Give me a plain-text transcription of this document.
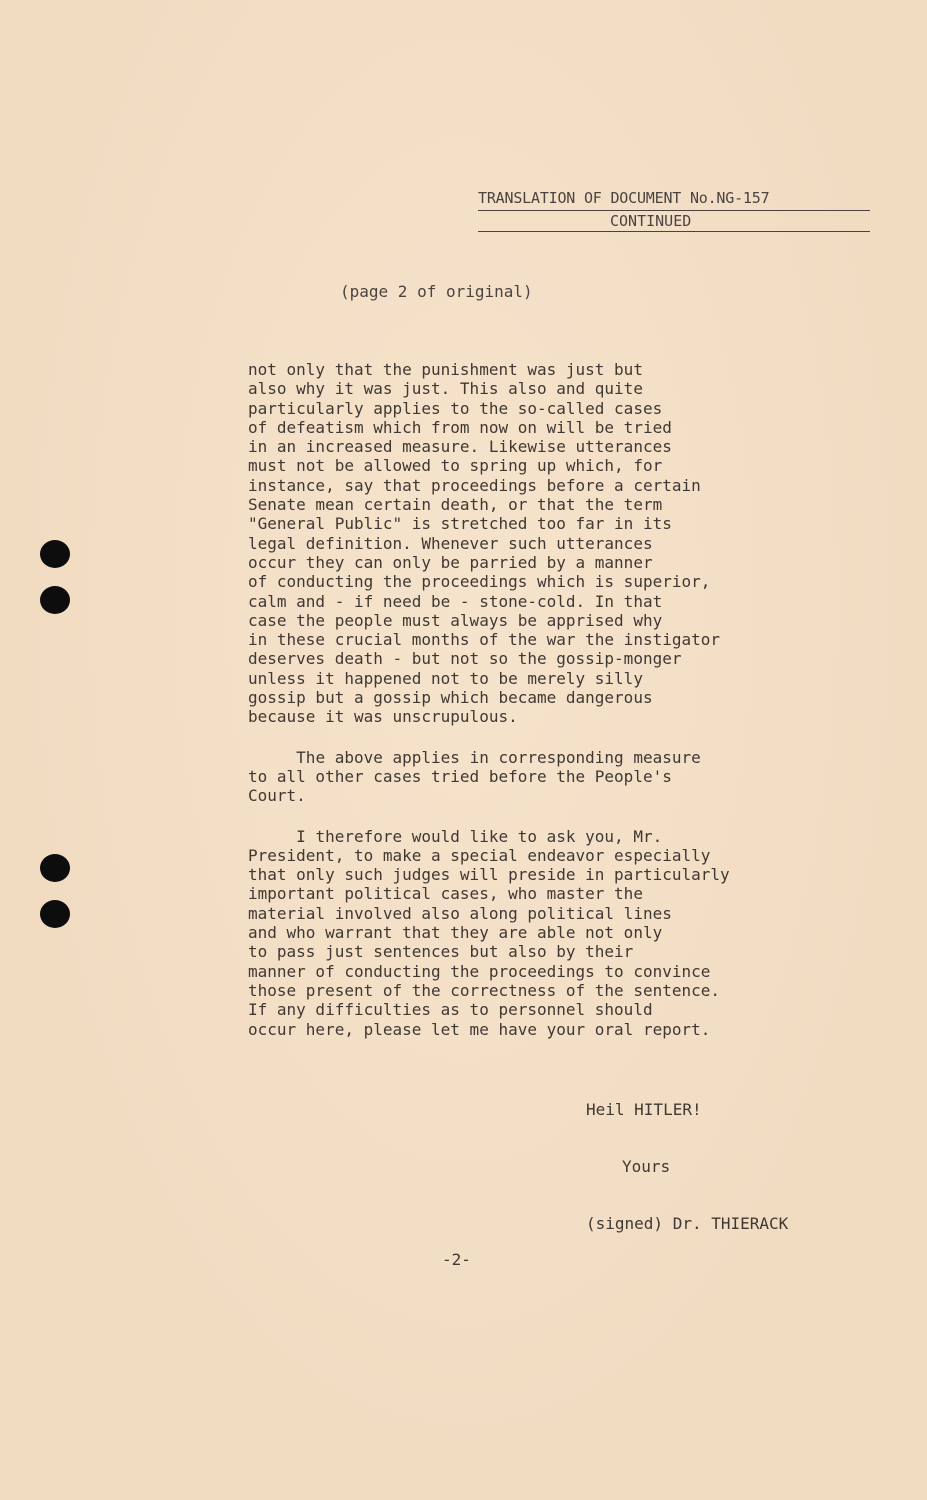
TRANSLATION OF DOCUMENT No.NG-157
CONTINUED
(page 2 of original)

not only that the punishment was just but
also why it was just. This also and quite
particularly applies to the so-called cases
of defeatism which from now on will be tried
in an increased measure. Likewise utterances
must not be allowed to spring up which, for
instance, say that proceedings before a certain
Senate mean certain death, or that the term
"General Public" is stretched too far in its
legal definition. Whenever such utterances
occur they can only be parried by a manner
of conducting the proceedings which is superior,
calm and - if need be - stone-cold. In that
case the people must always be apprised why
in these crucial months of the war the instigator
deserves death - but not so the gossip-monger
unless it happened not to be merely silly
gossip but a gossip which became dangerous
because it was unscrupulous.

The above applies in corresponding measure
to all other cases tried before the People's
Court.

I therefore would like to ask you, Mr.
President, to make a special endeavor especially
that only such judges will preside in particularly
important political cases, who master the
material involved also along political lines
and who warrant that they are able not only
to pass just sentences but also by their
manner of conducting the proceedings to convince
those present of the correctness of the sentence.
If any difficulties as to personnel should
occur here, please let me have your oral report.

Heil HITLER!

Yours

(signed) Dr. THIERACK

-2-
